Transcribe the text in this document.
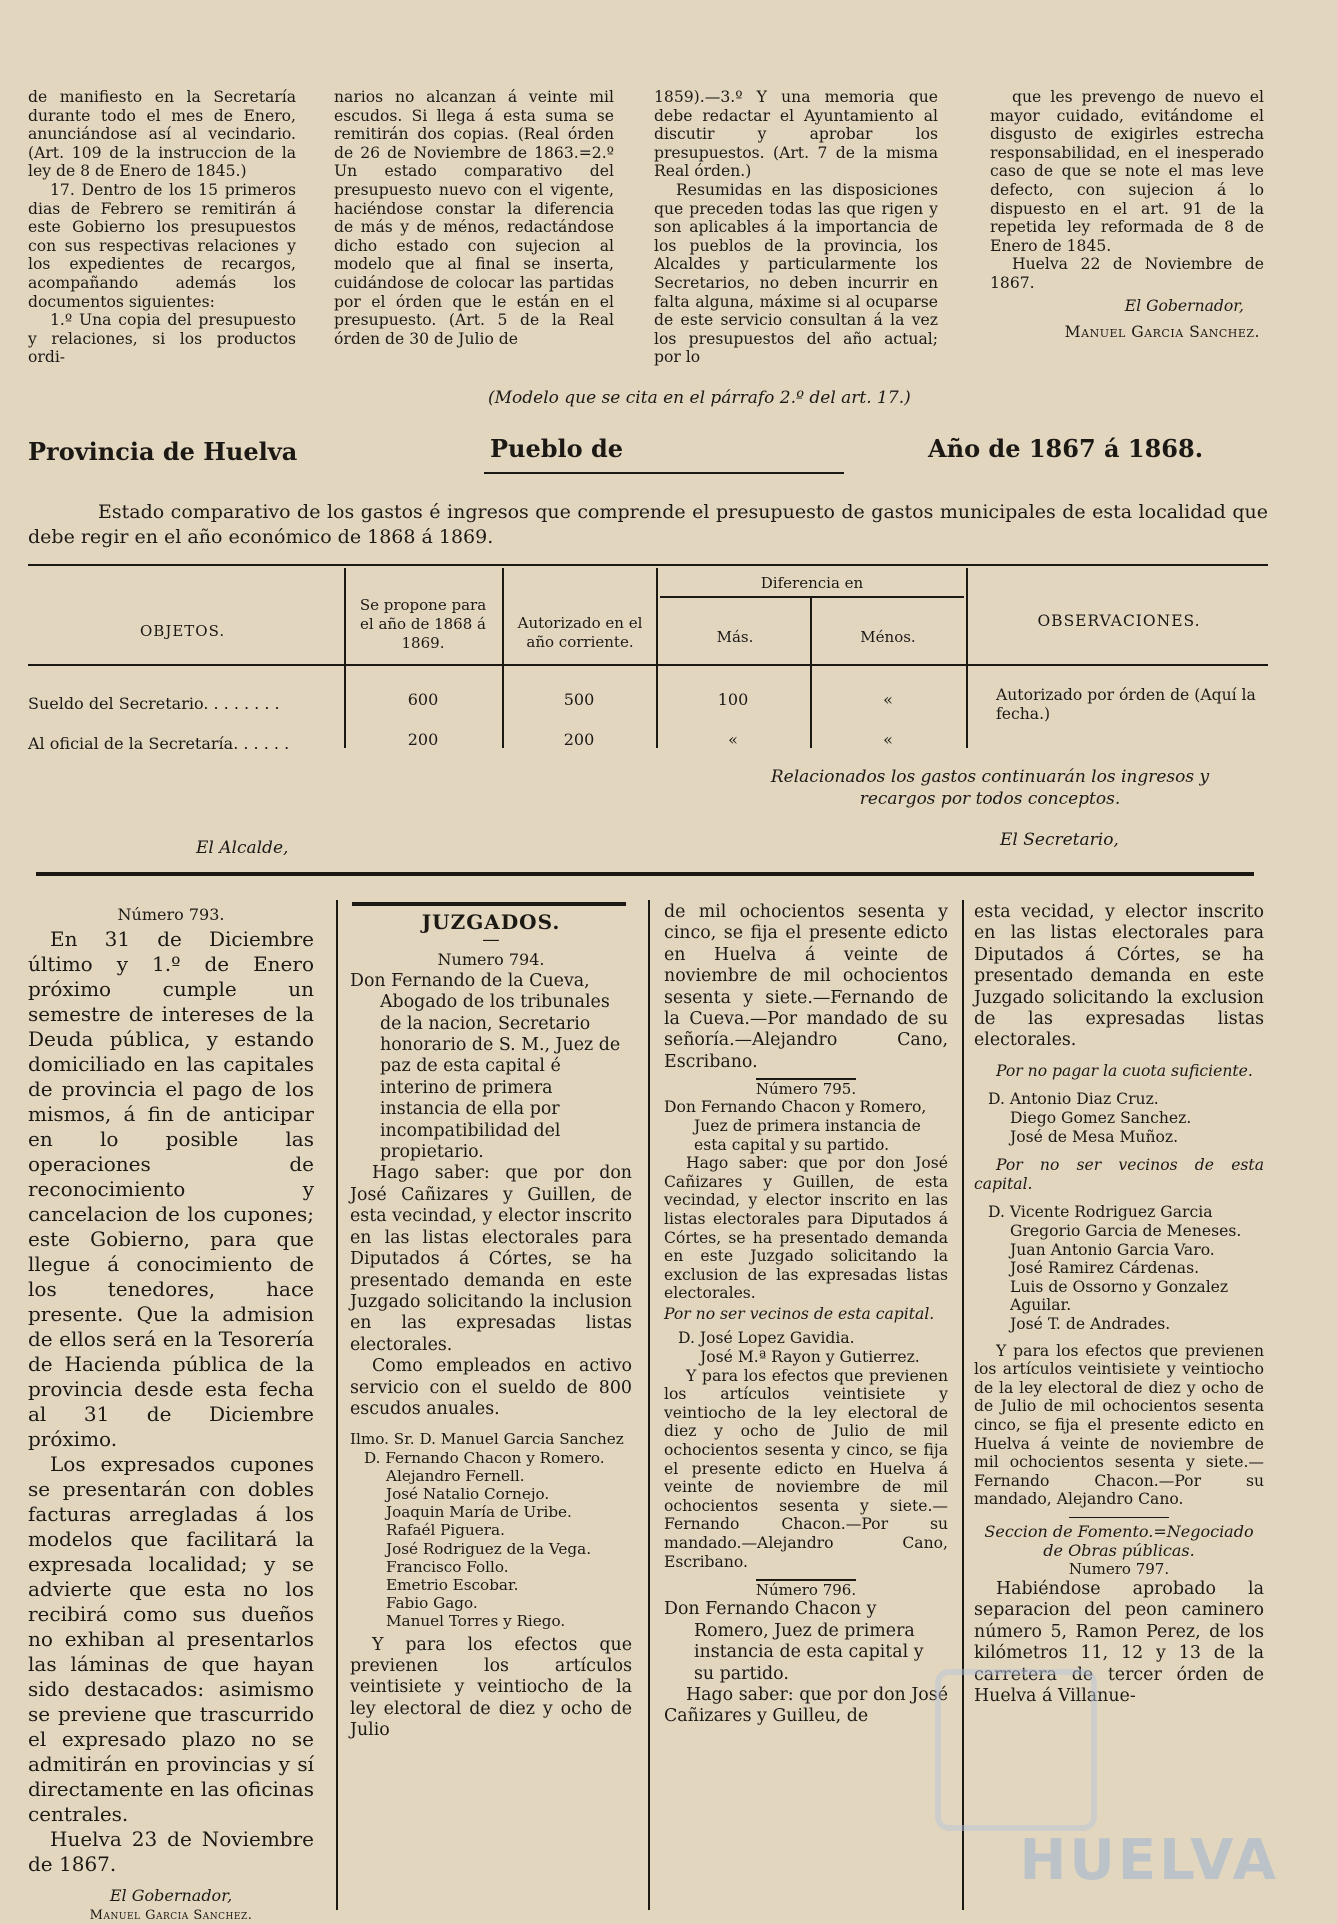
de manifiesto en la Secretaría durante todo el mes de Enero, anunciándose así al vecindario. (Art. 109 de la instruccion de la ley de 8 de Enero de 1845.)

17. Dentro de los 15 primeros dias de Febrero se remitirán á este Gobierno los presupuestos con sus respectivas relaciones y los expedientes de recargos, acompañando además los documentos siguientes:

1.º Una copia del presupuesto y relaciones, si los productos ordi-

narios no alcanzan á veinte mil escudos. Si llega á esta suma se remitirán dos copias. (Real órden de 26 de Noviembre de 1863.=2.º Un estado comparativo del presupuesto nuevo con el vigente, haciéndose constar la diferencia de más y de ménos, redactándose dicho estado con sujecion al modelo que al final se inserta, cuidándose de colocar las partidas por el órden que le están en el presupuesto. (Art. 5 de la Real órden de 30 de Julio de

1859).—3.º Y una memoria que debe redactar el Ayuntamiento al discutir y aprobar los presupuestos. (Art. 7 de la misma Real órden.)

Resumidas en las disposiciones que preceden todas las que rigen y son aplicables á la importancia de los pueblos de la provincia, los Alcaldes y particularmente los Secretarios, no deben incurrir en falta alguna, máxime si al ocuparse de este servicio consultan á la vez los presupuestos del año actual; por lo

que les prevengo de nuevo el mayor cuidado, evitándome el disgusto de exigirles estrecha responsabilidad, en el inesperado caso de que se note el mas leve defecto, con sujecion á lo dispuesto en el art. 91 de la repetida ley reformada de 8 de Enero de 1845.

Huelva 22 de Noviembre de 1867.

El Gobernador,

Manuel Garcia Sanchez.

(Modelo que se cita en el párrafo 2.º del art. 17.)
Provincia de Huelva	Pueblo de	Año de 1867 á 1868.
Estado comparativo de los gastos é ingresos que comprende el presupuesto de gastos municipales de esta localidad que debe regir en el año económico de 1868 á 1869.
OBJETOS.
Se propone para el año de 1868 á 1869.
Autorizado en el año corriente.
Diferencia en
Más.	Ménos.
OBSERVACIONES.
Sueldo del Secretario. . . . . . . .	600	500	100	«	Autorizado por órden de (Aquí la fecha.)
Al oficial de la Secretaría. . . . . .	200	200	«	«
Relacionados los gastos continuarán los ingresos y recargos por todos conceptos.
El Alcalde,	El Secretario,

Número 793.

En 31 de Diciembre último y 1.º de Enero próximo cumple un semestre de intereses de la Deuda pública, y estando domiciliado en las capitales de provincia el pago de los mismos, á fin de anticipar en lo posible las operaciones de reconocimiento y cancelacion de los cupones; este Gobierno, para que llegue á conocimiento de los tenedores, hace presente. Que la admision de ellos será en la Tesorería de Hacienda pública de la provincia desde esta fecha al 31 de Diciembre próximo.

Los expresados cupones se presentarán con dobles facturas arregladas á los modelos que facilitará la expresada localidad; y se advierte que esta no los recibirá como sus dueños no exhiban al presentarlos las láminas de que hayan sido destacados: asimismo se previene que trascurrido el expresado plazo no se admitirán en provincias y sí directamente en las oficinas centrales.

Huelva 23 de Noviembre de 1867.

El Gobernador,

Manuel Garcia Sanchez.

JUZGADOS.

—

Numero 794.

Don Fernando de la Cueva, Abogado de los tribunales de la nacion, Secretario honorario de S. M., Juez de paz de esta capital é interino de primera instancia de ella por incompatibilidad del propietario.

Hago saber: que por don José Cañizares y Guillen, de esta vecindad, y elector inscrito en las listas electorales para Diputados á Córtes, se ha presentado demanda en este Juzgado solicitando la inclusion en las expresadas listas electorales.

Como empleados en activo servicio con el sueldo de 800 escudos anuales.

Ilmo. Sr. D. Manuel Garcia Sanchez

D. Fernando Chacon y Romero.

Alejandro Fernell.

José Natalio Cornejo.

Joaquin María de Uribe.

Rafaél Piguera.

José Rodriguez de la Vega.

Francisco Follo.

Emetrio Escobar.

Fabio Gago.

Manuel Torres y Riego.

Y para los efectos que previenen los artículos veintisiete y veintiocho de la ley electoral de diez y ocho de Julio

de mil ochocientos sesenta y cinco, se fija el presente edicto en Huelva á veinte de noviembre de mil ochocientos sesenta y siete.—Fernando de la Cueva.—Por mandado de su señoría.—Alejandro Cano, Escribano.

Número 795.

Don Fernando Chacon y Romero, Juez de primera instancia de esta capital y su partido.

Hago saber: que por don José Cañizares y Guillen, de esta vecindad, y elector inscrito en las listas electorales para Diputados á Córtes, se ha presentado demanda en este Juzgado solicitando la exclusion de las expresadas listas electorales.

Por no ser vecinos de esta capital.

D. José Lopez Gavidia.

José M.ª Rayon y Gutierrez.

Y para los efectos que previenen los artículos veintisiete y veintiocho de la ley electoral de diez y ocho de Julio de mil ochocientos sesenta y cinco, se fija el presente edicto en Huelva á veinte de noviembre de mil ochocientos sesenta y siete.—Fernando Chacon.—Por su mandado.—Alejandro Cano, Escribano.

Número 796.

Don Fernando Chacon y Romero, Juez de primera instancia de esta capital y su partido.

Hago saber: que por don José Cañizares y Guilleu, de

esta vecidad, y elector inscrito en las listas electorales para Diputados á Córtes, se ha presentado demanda en este Juzgado solicitando la exclusion de las expresadas listas electorales.

Por no pagar la cuota suficiente.

D. Antonio Diaz Cruz.

Diego Gomez Sanchez.

José de Mesa Muñoz.

Por no ser vecinos de esta capital.

D. Vicente Rodriguez Garcia

Gregorio Garcia de Meneses.

Juan Antonio Garcia Varo.

José Ramirez Cárdenas.

Luis de Ossorno y Gonzalez Aguilar.

José T. de Andrades.

Y para los efectos que previenen los artículos veintisiete y veintiocho de la ley electoral de diez y ocho de de Julio de mil ochocientos sesenta cinco, se fija el presente edicto en Huelva á veinte de noviembre de mil ochocientos sesenta y siete.—Fernando Chacon.—Por su mandado, Alejandro Cano.

Seccion de Fomento.=Negociado de Obras públicas.

Numero 797.

Habiéndose aprobado la separacion del peon caminero número 5, Ramon Perez, de los kilómetros 11, 12 y 13 de la carretera de tercer órden de Huelva á Villanue-

HUELVA
